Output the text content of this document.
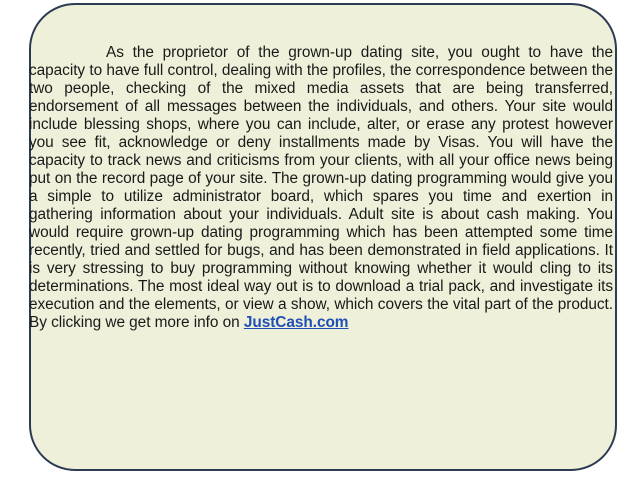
As the proprietor of the grown-up dating site, you ought to have the capacity to have full control, dealing with the profiles, the correspondence between the two people, checking of the mixed media assets that are being transferred, endorsement of all messages between the individuals, and others. Your site would include blessing shops, where you can include, alter, or erase any protest however you see fit, acknowledge or deny installments made by Visas. You will have the capacity to track news and criticisms from your clients, with all your office news being put on the record page of your site. The grown-up dating programming would give you a simple to utilize administrator board, which spares you time and exertion in gathering information about your individuals. Adult site is about cash making. You would require grown-up dating programming which has been attempted some time recently, tried and settled for bugs, and has been demonstrated in field applications. It is very stressing to buy programming without knowing whether it would cling to its determinations. The most ideal way out is to download a trial pack, and investigate its execution and the elements, or view a show, which covers the vital part of the product. By clicking we get more info on JustCash.com
